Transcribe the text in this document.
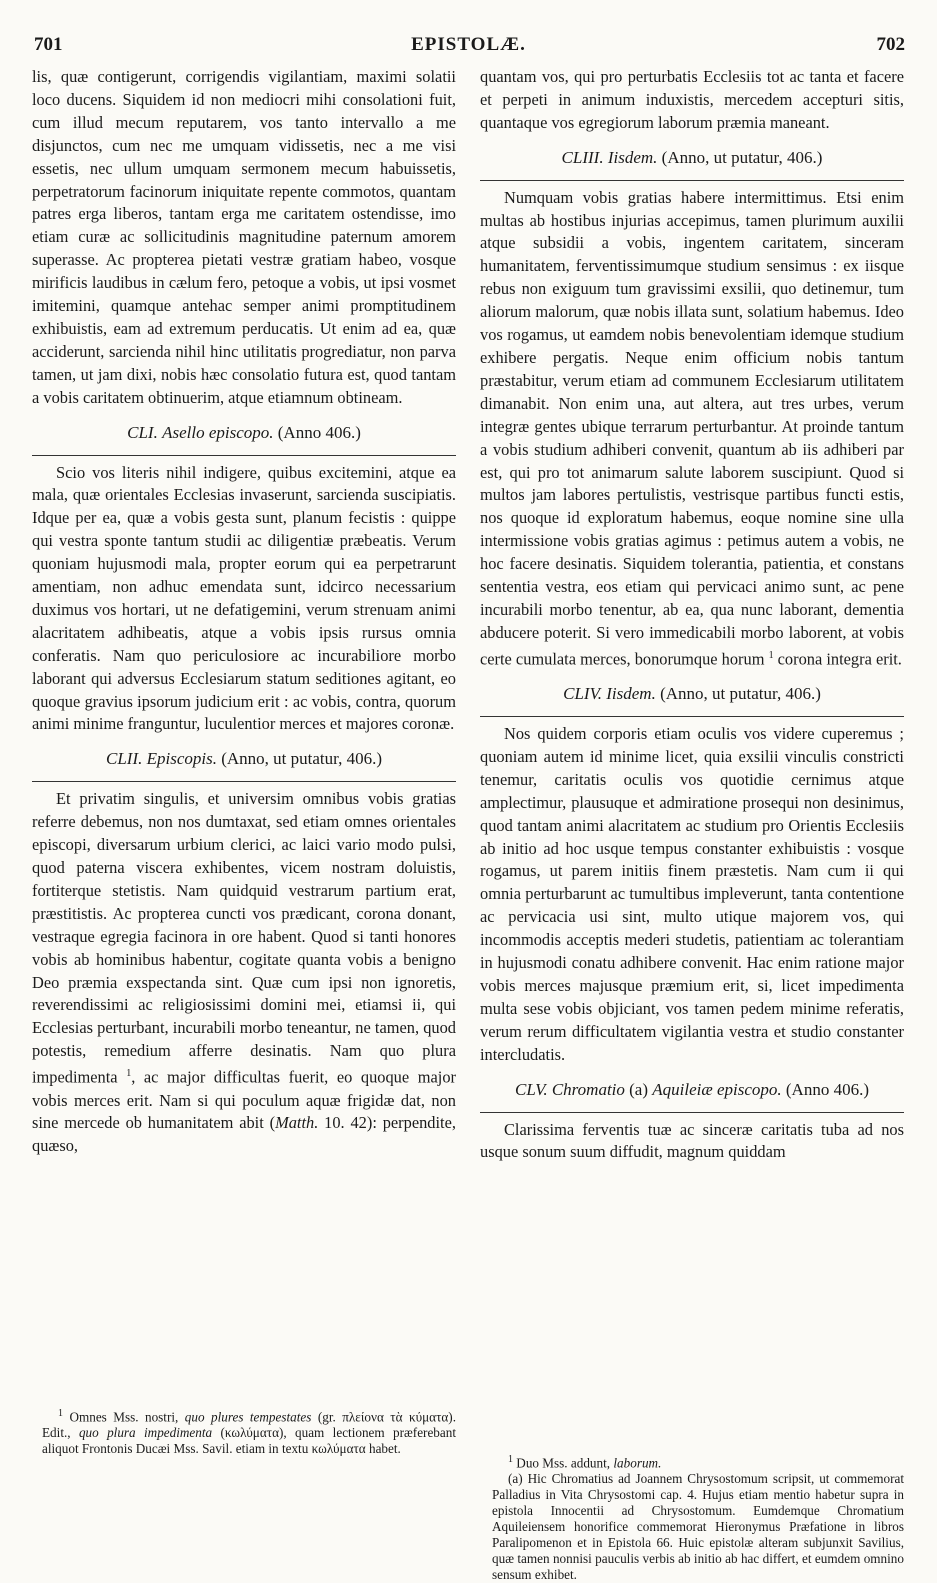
701	EPISTOLÆ.	702

lis, quæ contigerunt, corrigendis vigilantiam, maximi solatii loco ducens. Siquidem id non mediocri mihi consolationi fuit, cum illud mecum reputarem, vos tanto intervallo a me disjunctos, cum nec me umquam vidissetis, nec a me visi essetis, nec ullum umquam sermonem mecum habuissetis, perpetratorum facinorum iniquitate repente commotos, quantam patres erga liberos, tantam erga me caritatem ostendisse, imo etiam curæ ac sollicitudinis magnitudine paternum amorem superasse. Ac propterea pietati vestræ gratiam habeo, vosque mirificis laudibus in cælum fero, petoque a vobis, ut ipsi vosmet imitemini, quamque antehac semper animi promptitudinem exhibuistis, eam ad extremum perducatis. Ut enim ad ea, quæ acciderunt, sarcienda nihil hinc utilitatis progrediatur, non parva tamen, ut jam dixi, nobis hæc consolatio futura est, quod tantam a vobis caritatem obtinuerim, atque etiamnum obtineam.

CLI. Asello episcopo. (Anno 406.)

Scio vos literis nihil indigere, quibus excitemini, atque ea mala, quæ orientales Ecclesias invaserunt, sarcienda suscipiatis. Idque per ea, quæ a vobis gesta sunt, planum fecistis : quippe qui vestra sponte tantum studii ac diligentiæ præbeatis. Verum quoniam hujusmodi mala, propter eorum qui ea perpetrarunt amentiam, non adhuc emendata sunt, idcirco necessarium duximus vos hortari, ut ne defatigemini, verum strenuam animi alacritatem adhibeatis, atque a vobis ipsis rursus omnia conferatis. Nam quo periculosiore ac incurabiliore morbo laborant qui adversus Ecclesiarum statum seditiones agitant, eo quoque gravius ipsorum judicium erit : ac vobis, contra, quorum animi minime franguntur, luculentior merces et majores coronæ.

CLII. Episcopis. (Anno, ut putatur, 406.)

Et privatim singulis, et universim omnibus vobis gratias referre debemus, non nos dumtaxat, sed etiam omnes orientales episcopi, diversarum urbium clerici, ac laici vario modo pulsi, quod paterna viscera exhibentes, vicem nostram doluistis, fortiterque stetistis. Nam quidquid vestrarum partium erat, præstitistis. Ac propterea cuncti vos prædicant, corona donant, vestraque egregia facinora in ore habent. Quod si tanti honores vobis ab hominibus habentur, cogitate quanta vobis a benigno Deo præmia exspectanda sint. Quæ cum ipsi non ignoretis, reverendissimi ac religiosissimi domini mei, etiamsi ii, qui Ecclesias perturbant, incurabili morbo teneantur, ne tamen, quod potestis, remedium afferre desinatis. Nam quo plura impedimenta $^1$, ac major difficultas fuerit, eo quoque major vobis merces erit. Nam si qui poculum aquæ frigidæ dat, non sine mercede ob humanitatem abit (Matth. 10. 42): perpendite, quæso,

$^1$ Omnes Mss. nostri, quo plures tempestates (gr. πλείονα τὰ κύματα). Edit., quo plura impedimenta (κωλύματα), quam lectionem præferebant aliquot Frontonis Ducæi Mss. Savil. etiam in textu κωλύματα habet.

quantam vos, qui pro perturbatis Ecclesiis tot ac tanta et facere et perpeti in animum induxistis, mercedem accepturi sitis, quantaque vos egregiorum laborum præmia maneant.

CLIII. Iisdem. (Anno, ut putatur, 406.)

Numquam vobis gratias habere intermittimus. Etsi enim multas ab hostibus injurias accepimus, tamen plurimum auxilii atque subsidii a vobis, ingentem caritatem, sinceram humanitatem, ferventissimumque studium sensimus : ex iisque rebus non exiguum tum gravissimi exsilii, quo detinemur, tum aliorum malorum, quæ nobis illata sunt, solatium habemus. Ideo vos rogamus, ut eamdem nobis benevolentiam idemque studium exhibere pergatis. Neque enim officium nobis tantum præstabitur, verum etiam ad communem Ecclesiarum utilitatem dimanabit. Non enim una, aut altera, aut tres urbes, verum integræ gentes ubique terrarum perturbantur. At proinde tantum a vobis studium adhiberi convenit, quantum ab iis adhiberi par est, qui pro tot animarum salute laborem suscipiunt. Quod si multos jam labores pertulistis, vestrisque partibus functi estis, nos quoque id exploratum habemus, eoque nomine sine ulla intermissione vobis gratias agimus : petimus autem a vobis, ne hoc facere desinatis. Siquidem tolerantia, patientia, et constans sententia vestra, eos etiam qui pervicaci animo sunt, ac pene incurabili morbo tenentur, ab ea, qua nunc laborant, dementia abducere poterit. Si vero immedicabili morbo laborent, at vobis certe cumulata merces, bonorumque horum $^1$ corona integra erit.

CLIV. Iisdem. (Anno, ut putatur, 406.)

Nos quidem corporis etiam oculis vos videre cuperemus ; quoniam autem id minime licet, quia exsilii vinculis constricti tenemur, caritatis oculis vos quotidie cernimus atque amplectimur, plausuque et admiratione prosequi non desinimus, quod tantam animi alacritatem ac studium pro Orientis Ecclesiis ab initio ad hoc usque tempus constanter exhibuistis : vosque rogamus, ut parem initiis finem præstetis. Nam cum ii qui omnia perturbarunt ac tumultibus impleverunt, tanta contentione ac pervicacia usi sint, multo utique majorem vos, qui incommodis acceptis mederi studetis, patientiam ac tolerantiam in hujusmodi conatu adhibere convenit. Hac enim ratione major vobis merces majusque præmium erit, si, licet impedimenta multa sese vobis objiciant, vos tamen pedem minime referatis, verum rerum difficultatem vigilantia vestra et studio constanter intercludatis.

CLV. Chromatio (a) Aquileiæ episcopo. (Anno 406.)

Clarissima ferventis tuæ ac sinceræ caritatis tuba ad nos usque sonum suum diffudit, magnum quiddam

$^1$ Duo Mss. addunt, laborum.

(a) Hic Chromatius ad Joannem Chrysostomum scripsit, ut commemorat Palladius in Vita Chrysostomi cap. 4. Hujus etiam mentio habetur supra in epistola Innocentii ad Chrysostomum. Eumdemque Chromatium Aquileiensem honorifice commemorat Hieronymus Præfatione in libros Paralipomenon et in Epistola 66. Huic epistolæ alteram subjunxit Savilius, quæ tamen nonnisi pauculis verbis ab initio ab hac differt, et eumdem omnino sensum exhibet.
